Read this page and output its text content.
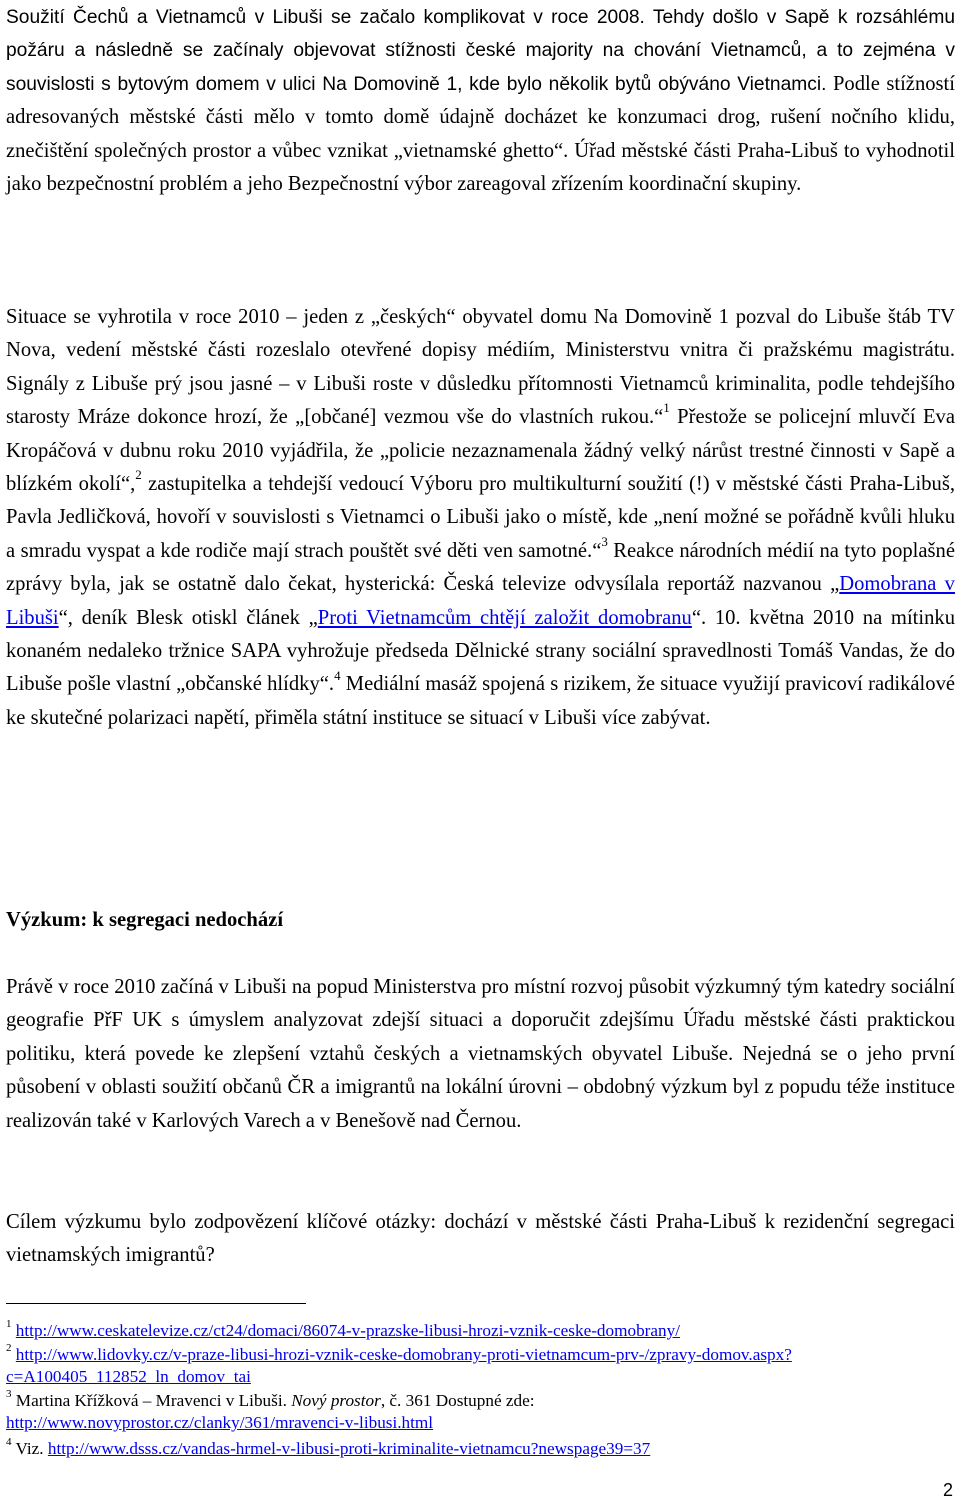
Soužití Čechů a Vietnamců v Libuši se začalo komplikovat v roce 2008. Tehdy došlo v Sapě k rozsáhlému požáru a následně se začínaly objevovat stížnosti české majority na chování Vietnamců, a to zejména v souvislosti s bytovým domem v ulici Na Domovině 1, kde bylo několik bytů obýváno Vietnamci. Podle stížností adresovaných městské části mělo v tomto domě údajně docházet ke konzumaci drog, rušení nočního klidu, znečištění společných prostor a vůbec vznikat „vietnamské ghetto“. Úřad městské části Praha-Libuš to vyhodnotil jako bezpečnostní problém a jeho Bezpečnostní výbor zareagoval zřízením koordinační skupiny.

Situace se vyhrotila v roce 2010 – jeden z „českých“ obyvatel domu Na Domovině 1 pozval do Libuše štáb TV Nova, vedení městské části rozeslalo otevřené dopisy médiím, Ministerstvu vnitra či pražskému magistrátu. Signály z Libuše prý jsou jasné – v Libuši roste v důsledku přítomnosti Vietnamců kriminalita, podle tehdejšího starosty Mráze dokonce hrozí, že „[občané] vezmou vše do vlastních rukou.“$^1$ Přestože se policejní mluvčí Eva Kropáčová v dubnu roku 2010 vyjádřila, že „policie nezaznamenala žádný velký nárůst trestné činnosti v Sapě a blízkém okolí“,$^2$ zastupitelka a tehdejší vedoucí Výboru pro multikulturní soužití (!) v městské části Praha-Libuš, Pavla Jedličková, hovoří v souvislosti s Vietnamci o Libuši jako o místě, kde „není možné se pořádně kvůli hluku a smradu vyspat a kde rodiče mají strach pouštět své děti ven samotné.“$^3$ Reakce národních médií na tyto poplašné zprávy byla, jak se ostatně dalo čekat, hysterická: Česká televize odvysílala reportáž nazvanou „Domobrana v Libuši“, deník Blesk otiskl článek „Proti Vietnamcům chtějí založit domobranu“. 10. května 2010 na mítinku konaném nedaleko tržnice SAPA vyhrožuje předseda Dělnické strany sociální spravedlnosti Tomáš Vandas, že do Libuše pošle vlastní „občanské hlídky“.$^4$ Mediální masáž spojená s rizikem, že situace využijí pravicoví radikálové ke skutečné polarizaci napětí, přiměla státní instituce se situací v Libuši více zabývat.

Výzkum: k segregaci nedochází

Právě v roce 2010 začíná v Libuši na popud Ministerstva pro místní rozvoj působit výzkumný tým katedry sociální geografie PřF UK s úmyslem analyzovat zdejší situaci a doporučit zdejšímu Úřadu městské části praktickou politiku, která povede ke zlepšení vztahů českých a vietnamských obyvatel Libuše. Nejedná se o jeho první působení v oblasti soužití občanů ČR a imigrantů na lokální úrovni – obdobný výzkum byl z popudu téže instituce realizován také v Karlových Varech a v Benešově nad Černou.

Cílem výzkumu bylo zodpovězení klíčové otázky: dochází v městské části Praha-Libuš k rezidenční segregaci vietnamských imigrantů?

$^1$ http://www.ceskatelevize.cz/ct24/domaci/86074-v-prazske-libusi-hrozi-vznik-ceske-domobrany/

$^2$ http://www.lidovky.cz/v-praze-libusi-hrozi-vznik-ceske-domobrany-proti-vietnamcum-prv-/zpravy-domov.aspx?c=A100405_112852_ln_domov_tai

$^3$ Martina Křížková – Mravenci v Libuši. Nový prostor, č. 361 Dostupné zde:
http://www.novyprostor.cz/clanky/361/mravenci-v-libusi.html

$^4$ Viz. http://www.dsss.cz/vandas-hrmel-v-libusi-proti-kriminalite-vietnamcu?newspage39=37

2
